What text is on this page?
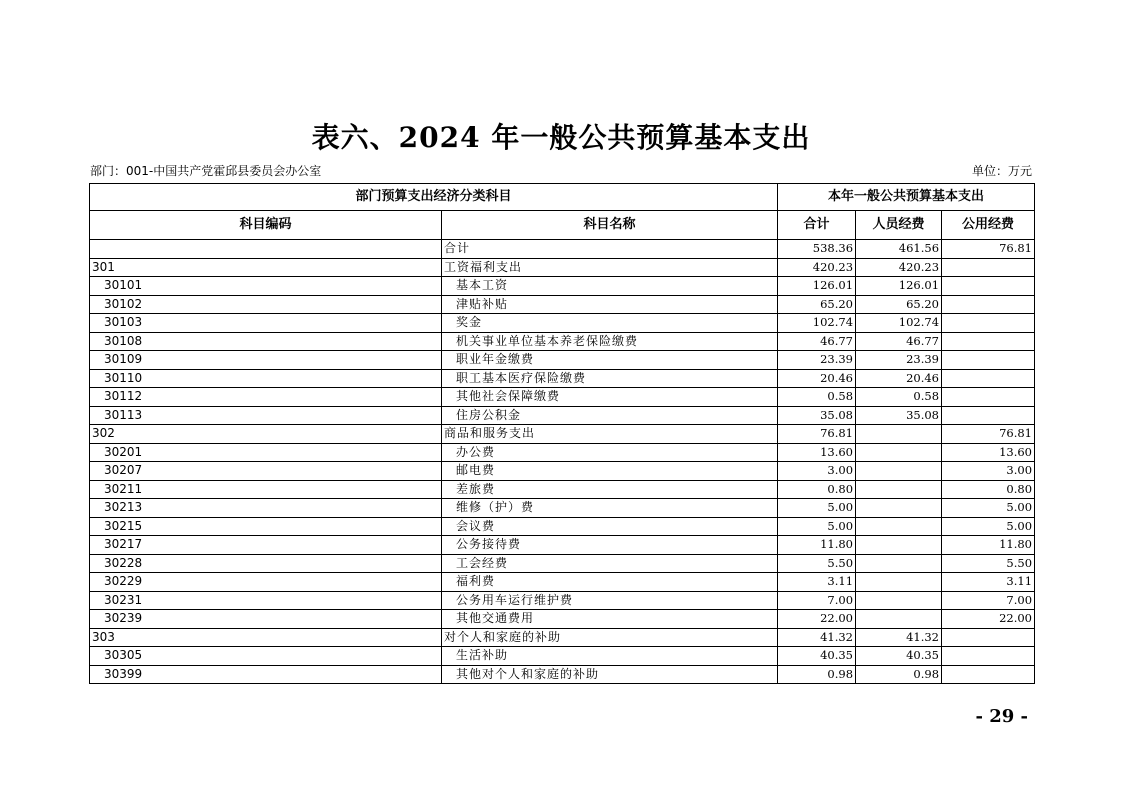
表六、2024 年一般公共预算基本支出
部门：001-中国共产党霍邱县委员会办公室	单位：万元
部门预算支出经济分类科目		本年一般公共预算基本支出		
科目编码	科目名称	合计	人员经费	公用经费
	合计	538.36	461.56	76.81
301	工资福利支出	420.23	420.23	
30101	基本工资	126.01	126.01	
30102	津贴补贴	65.20	65.20	
30103	奖金	102.74	102.74	
30108	机关事业单位基本养老保险缴费	46.77	46.77	
30109	职业年金缴费	23.39	23.39	
30110	职工基本医疗保险缴费	20.46	20.46	
30112	其他社会保障缴费	0.58	0.58	
30113	住房公积金	35.08	35.08	
302	商品和服务支出	76.81		76.81
30201	办公费	13.60		13.60
30207	邮电费	3.00		3.00
30211	差旅费	0.80		0.80
30213	维修（护）费	5.00		5.00
30215	会议费	5.00		5.00
30217	公务接待费	11.80		11.80
30228	工会经费	5.50		5.50
30229	福利费	3.11		3.11
30231	公务用车运行维护费	7.00		7.00
30239	其他交通费用	22.00		22.00
303	对个人和家庭的补助	41.32	41.32	
30305	生活补助	40.35	40.35	
30399	其他对个人和家庭的补助	0.98	0.98	
- 29 -
